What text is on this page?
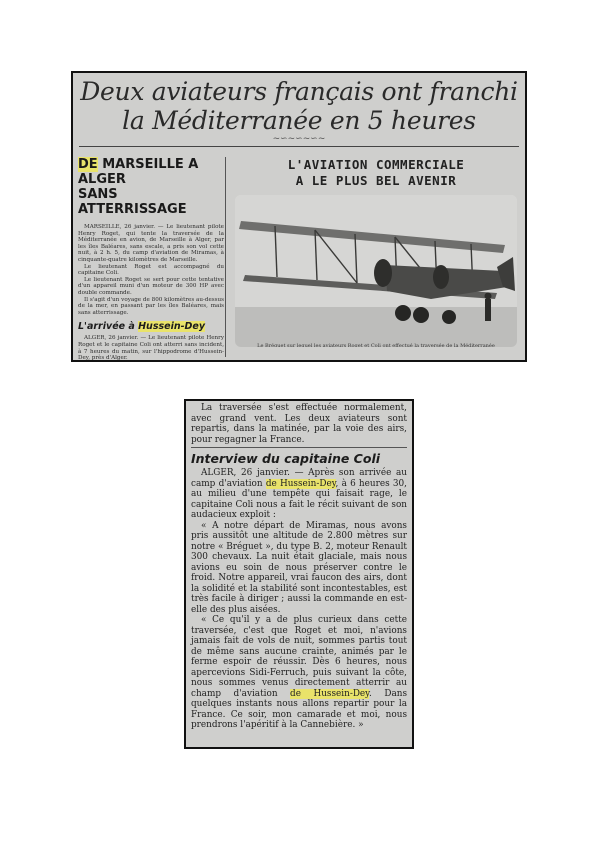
Deux aviateurs français ont franchi
la Méditerranée en 5 heures
~∽~∽~∽~
DE MARSEILLE A ALGER
SANS ATTERRISSAGE

MARSEILLE, 26 janvier. — Le lieutenant pilote Henry Roget, qui tente la traversée de la Méditerranée en avion, de Marseille à Alger, par les îles Baléares, sans escale, a pris son vol cette nuit, à 2 h. 5, du camp d'aviation de Miramas, à cinquante-quatre kilomètres de Marseille.

Le lieutenant Roget est accompagné du capitaine Coli.

Le lieutenant Roget se sert pour cette tentative d'un appareil muni d'un moteur de 300 HP avec double commande.

Il s'agit d'un voyage de 800 kilomètres au-dessus de la mer, en passant par les îles Baléares, mais sans atterrissage.

L'arrivée à Hussein-Dey

ALGER, 26 janvier. — Le lieutenant pilote Henry Roget et le capitaine Coli ont atterri sans incident, à 7 heures du matin, sur l'hippodrome d'Hussein-Dey, près d'Alger.

L'AVIATION COMMERCIALE
A LE PLUS BEL AVENIR
Le Bréguet sur lequel les aviateurs Roget et Coli ont effectué la traversée de la Méditerranée

La traversée s'est effectuée normalement, avec grand vent. Les deux aviateurs sont repartis, dans la matinée, par la voie des airs, pour regagner la France.

Interview du capitaine Coli

ALGER, 26 janvier. — Après son arrivée au camp d'aviation de Hussein-Dey, à 6 heures 30, au milieu d'une tempête qui faisait rage, le capitaine Coli nous a fait le récit suivant de son audacieux exploit :

« A notre départ de Miramas, nous avons pris aussitôt une altitude de 2.800 mètres sur notre « Bréguet », du type B. 2, moteur Renault 300 chevaux. La nuit était glaciale, mais nous avions eu soin de nous préserver contre le froid. Notre appareil, vrai faucon des airs, dont la solidité et la stabilité sont incontestables, est très facile à diriger ; aussi la commande en est-elle des plus aisées.

« Ce qu'il y a de plus curieux dans cette traversée, c'est que Roget et moi, n'avions jamais fait de vols de nuit, sommes partis tout de même sans aucune crainte, animés par le ferme espoir de réussir. Dès 6 heures, nous apercevions Sidi-Ferruch, puis suivant la côte, nous sommes venus directement atterrir au champ d'aviation de Hussein-Dey. Dans quelques instants nous allons repartir pour la France. Ce soir, mon camarade et moi, nous prendrons l'apéritif à la Cannebière. »
